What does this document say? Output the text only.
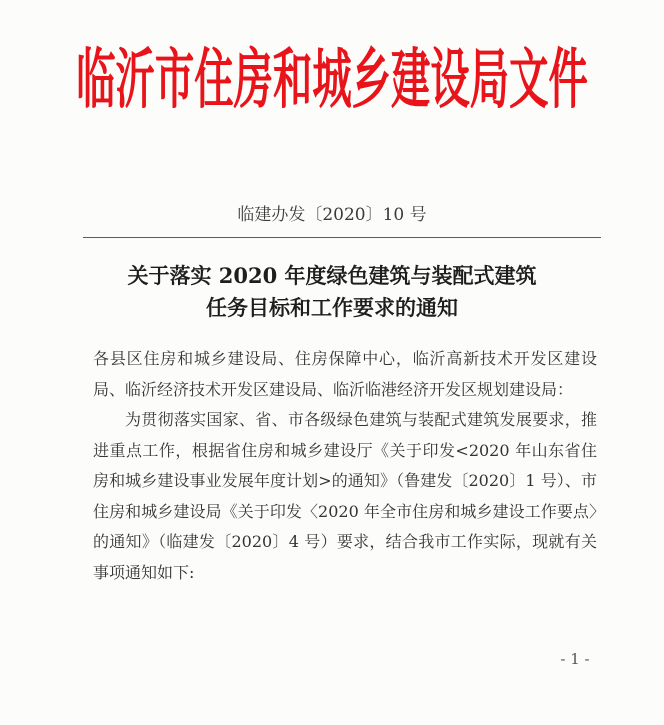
临沂市住房和城乡建设局文件
临建办发〔2020〕10 号
关于落实 2020 年度绿色建筑与装配式建筑
任务目标和工作要求的通知

各县区住房和城乡建设局、住房保障中心，临沂高新技术开发区建设局、临沂经济技术开发区建设局、临沂临港经济开发区规划建设局：

为贯彻落实国家、省、市各级绿色建筑与装配式建筑发展要求，推进重点工作，根据省住房和城乡建设厅《关于印发<2020 年山东省住房和城乡建设事业发展年度计划>的通知》（鲁建发〔2020〕1 号）、市住房和城乡建设局《关于印发〈2020 年全市住房和城乡建设工作要点〉的通知》（临建发〔2020〕4 号）要求，结合我市工作实际，现就有关事项通知如下:

- 1 -
